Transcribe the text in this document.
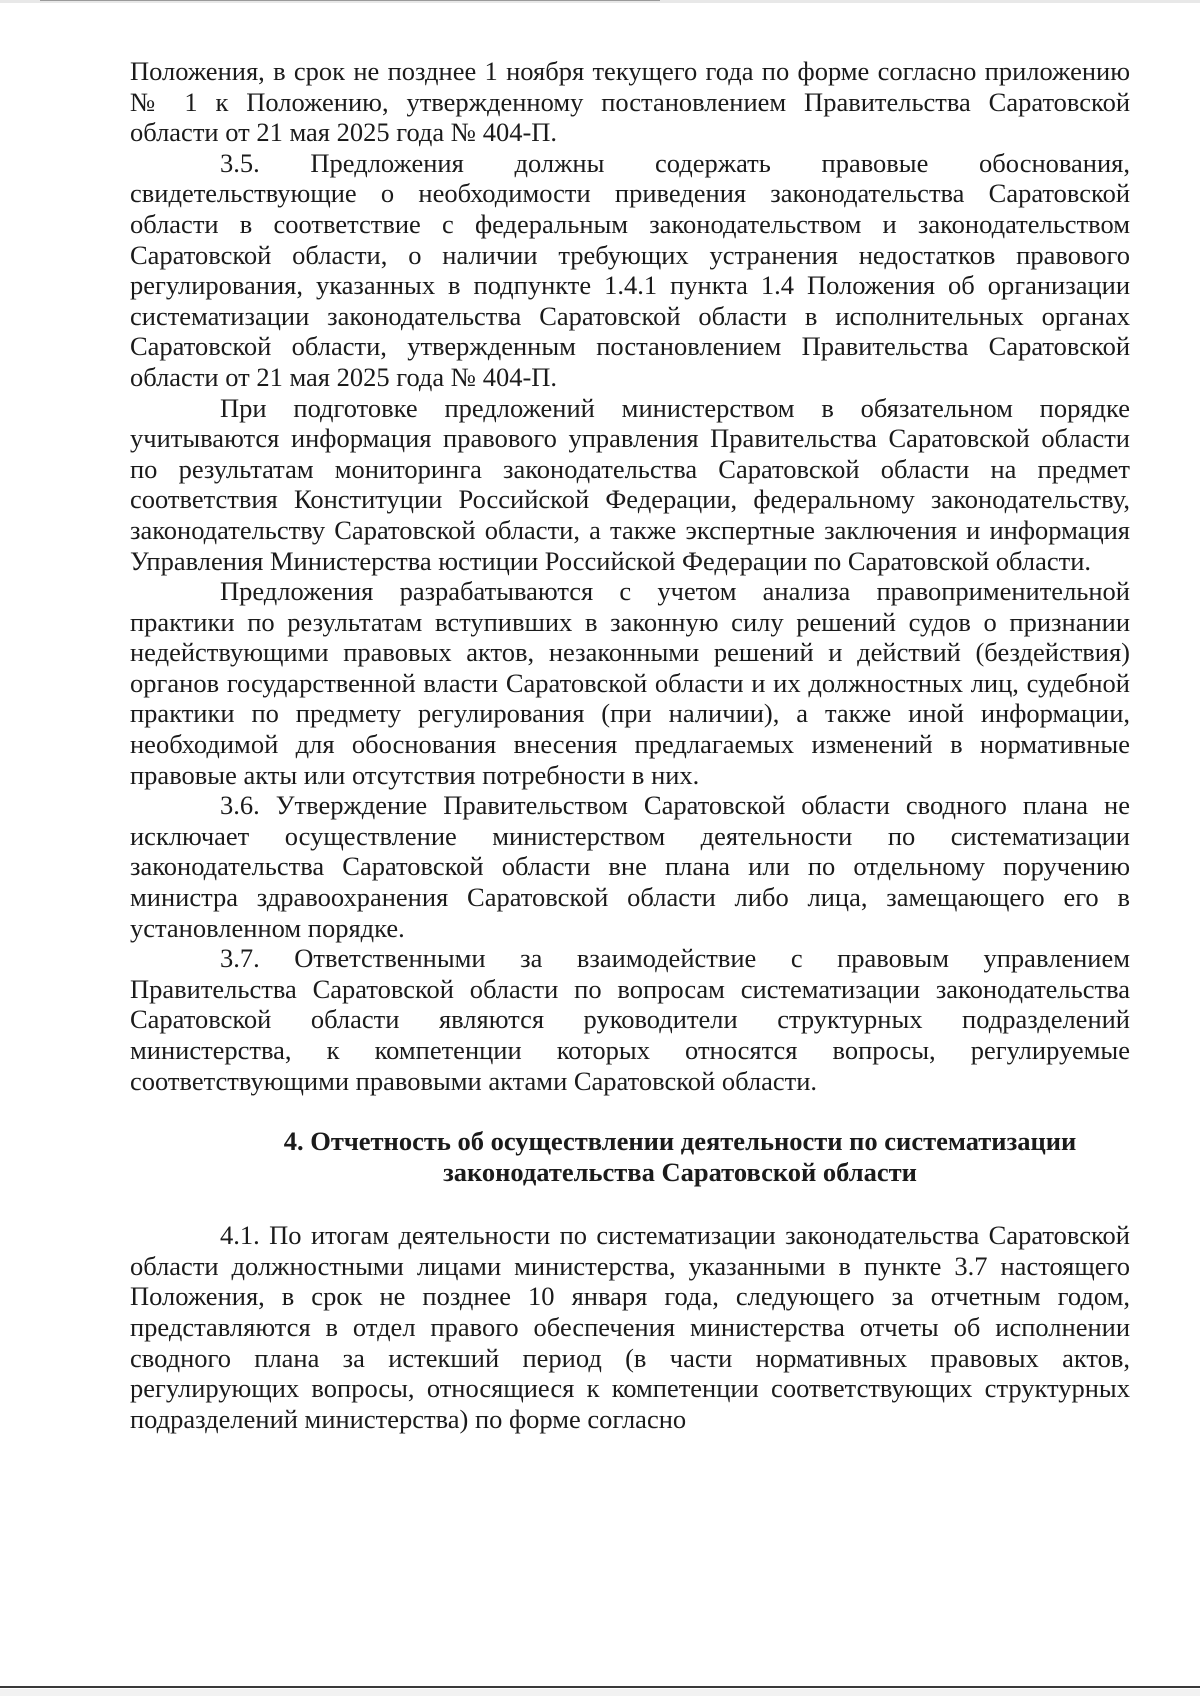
Положения, в срок не позднее 1 ноября текущего года по форме согласно приложению № 1 к Положению, утвержденному постановлением Правительства Саратовской области от 21 мая 2025 года № 404-П.

3.5. Предложения должны содержать правовые обоснования, свидетельствующие о необходимости приведения законодательства Саратовской области в соответствие с федеральным законодательством и законодательством Саратовской области, о наличии требующих устранения недостатков правового регулирования, указанных в подпункте 1.4.1 пункта 1.4 Положения об организации систематизации законодательства Саратовской области в исполнительных органах Саратовской области, утвержденным постановлением Правительства Саратовской области от 21 мая 2025 года № 404-П.

При подготовке предложений министерством в обязательном порядке учитываются информация правового управления Правительства Саратовской области по результатам мониторинга законодательства Саратовской области на предмет соответствия Конституции Российской Федерации, федеральному законодательству, законодательству Саратовской области, а также экспертные заключения и информация Управления Министерства юстиции Российской Федерации по Саратовской области.

Предложения разрабатываются с учетом анализа правоприменительной практики по результатам вступивших в законную силу решений судов о признании недействующими правовых актов, незаконными решений и действий (бездействия) органов государственной власти Саратовской области и их должностных лиц, судебной практики по предмету регулирования (при наличии), а также иной информации, необходимой для обоснования внесения предлагаемых изменений в нормативные правовые акты или отсутствия потребности в них.

3.6. Утверждение Правительством Саратовской области сводного плана не исключает осуществление министерством деятельности по систематизации законодательства Саратовской области вне плана или по отдельному поручению министра здравоохранения Саратовской области либо лица, замещающего его в установленном порядке.

3.7. Ответственными за взаимодействие с правовым управлением Правительства Саратовской области по вопросам систематизации законодательства Саратовской области являются руководители структурных подразделений министерства, к компетенции которых относятся вопросы, регулируемые соответствующими правовыми актами Саратовской области.

4. Отчетность об осуществлении деятельности по систематизации
законодательства Саратовской области

4.1. По итогам деятельности по систематизации законодательства Саратовской области должностными лицами министерства, указанными в пункте 3.7 настоящего Положения, в срок не позднее 10 января года, следующего за отчетным годом, представляются в отдел правого обеспечения министерства отчеты об исполнении сводного плана за истекший период (в части нормативных правовых актов, регулирующих вопросы, относящиеся к компетенции соответствующих структурных подразделений министерства) по форме согласно
